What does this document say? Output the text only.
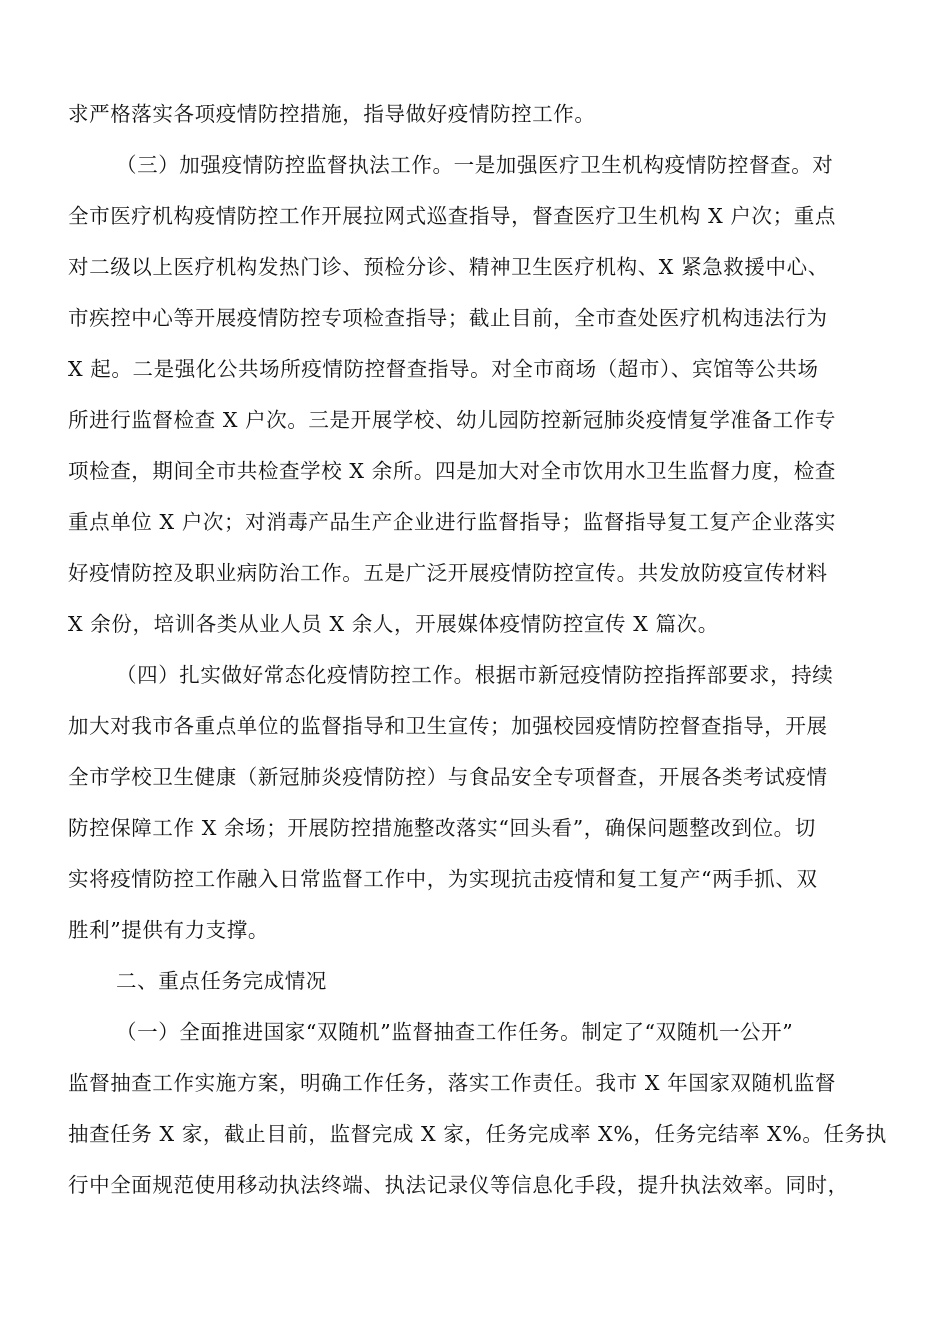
求严格落实各项疫情防控措施，指导做好疫情防控工作。
（三）加强疫情防控监督执法工作。一是加强医疗卫生机构疫情防控督查。对
全市医疗机构疫情防控工作开展拉网式巡查指导，督查医疗卫生机构 X 户次；重点
对二级以上医疗机构发热门诊、预检分诊、精神卫生医疗机构、X 紧急救援中心、
市疾控中心等开展疫情防控专项检查指导；截止目前，全市查处医疗机构违法行为
X 起。二是强化公共场所疫情防控督查指导。对全市商场（超市）、宾馆等公共场
所进行监督检查 X 户次。三是开展学校、幼儿园防控新冠肺炎疫情复学准备工作专
项检查，期间全市共检查学校 X 余所。四是加大对全市饮用水卫生监督力度，检查
重点单位 X 户次；对消毒产品生产企业进行监督指导；监督指导复工复产企业落实
好疫情防控及职业病防治工作。五是广泛开展疫情防控宣传。共发放防疫宣传材料
X 余份，培训各类从业人员 X 余人，开展媒体疫情防控宣传 X 篇次。
（四）扎实做好常态化疫情防控工作。根据市新冠疫情防控指挥部要求，持续
加大对我市各重点单位的监督指导和卫生宣传；加强校园疫情防控督查指导，开展
全市学校卫生健康（新冠肺炎疫情防控）与食品安全专项督查，开展各类考试疫情
防控保障工作 X 余场；开展防控措施整改落实“回头看”，确保问题整改到位。切
实将疫情防控工作融入日常监督工作中，为实现抗击疫情和复工复产“两手抓、双
胜利”提供有力支撑。
二、重点任务完成情况
（一）全面推进国家“双随机”监督抽查工作任务。制定了“双随机一公开”
监督抽查工作实施方案，明确工作任务，落实工作责任。我市 X 年国家双随机监督
抽查任务 X 家，截止目前，监督完成 X 家，任务完成率 X%，任务完结率 X%。任务执
行中全面规范使用移动执法终端、执法记录仪等信息化手段，提升执法效率。同时，
